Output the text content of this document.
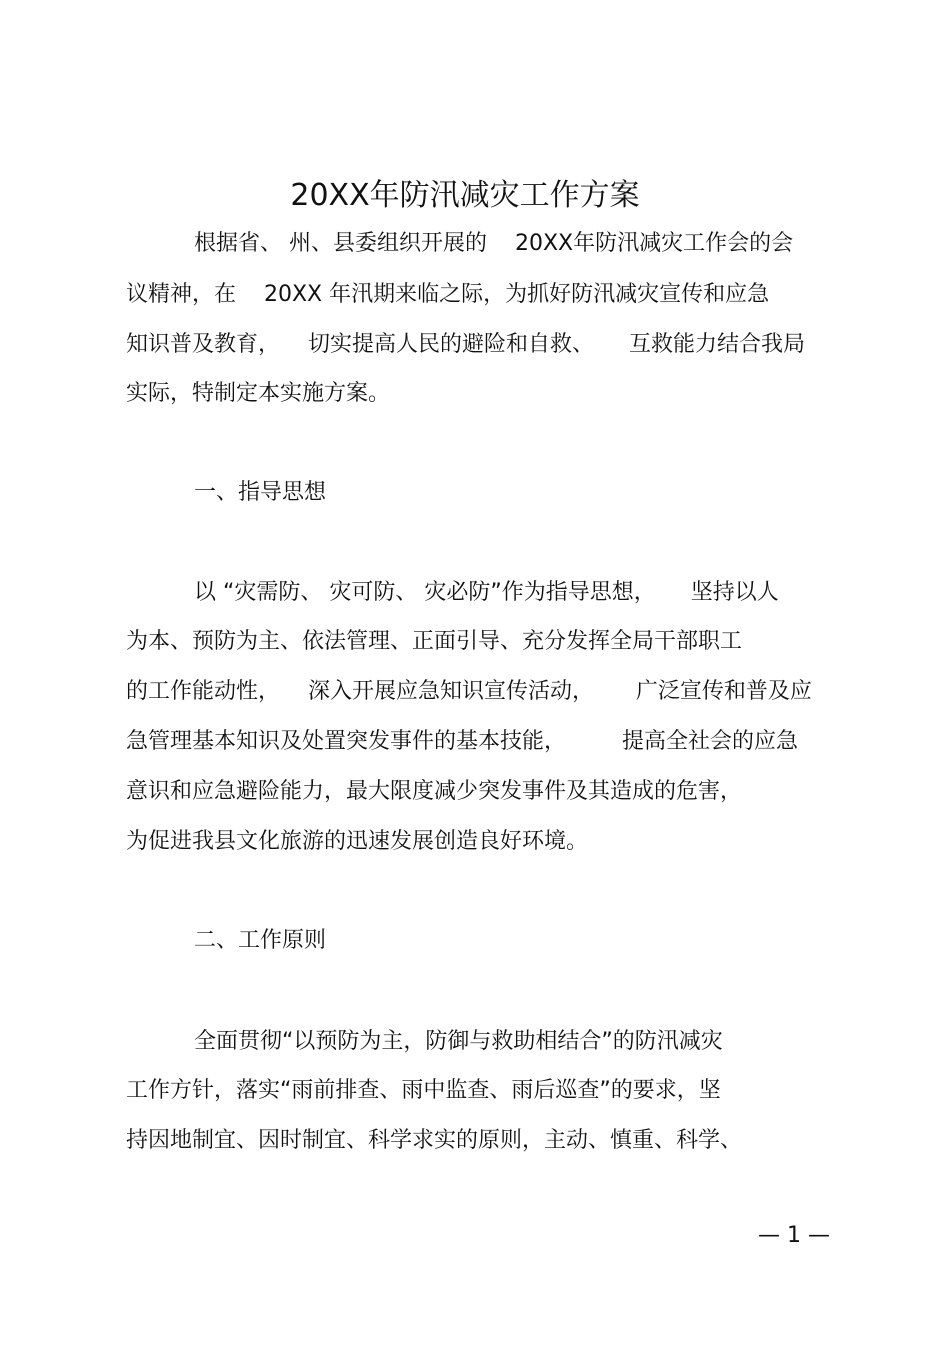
20XX年防汛减灾工作方案
根据省、 州、县委组织开展的    20XX年防汛减灾工作会的会
议精神，在    20XX 年汛期来临之际，为抓好防汛减灾宣传和应急
知识普及教育，    切实提高人民的避险和自救、     互救能力结合我局
实际，特制定本实施方案。
一、指导思想
以 “灾需防、 灾可防、 灾必防”作为指导思想，     坚持以人
为本、预防为主、依法管理、正面引导、充分发挥全局干部职工
的工作能动性，    深入开展应急知识宣传活动，      广泛宣传和普及应
急管理基本知识及处置突发事件的基本技能，        提高全社会的应急
意识和应急避险能力，最大限度减少突发事件及其造成的危害，
为促进我县文化旅游的迅速发展创造良好环境。
二、工作原则
全面贯彻“以预防为主，防御与救助相结合”的防汛减灾
工作方针，落实“雨前排查、雨中监查、雨后巡查”的要求，坚
持因地制宜、因时制宜、科学求实的原则，主动、慎重、科学、
— 1 —
